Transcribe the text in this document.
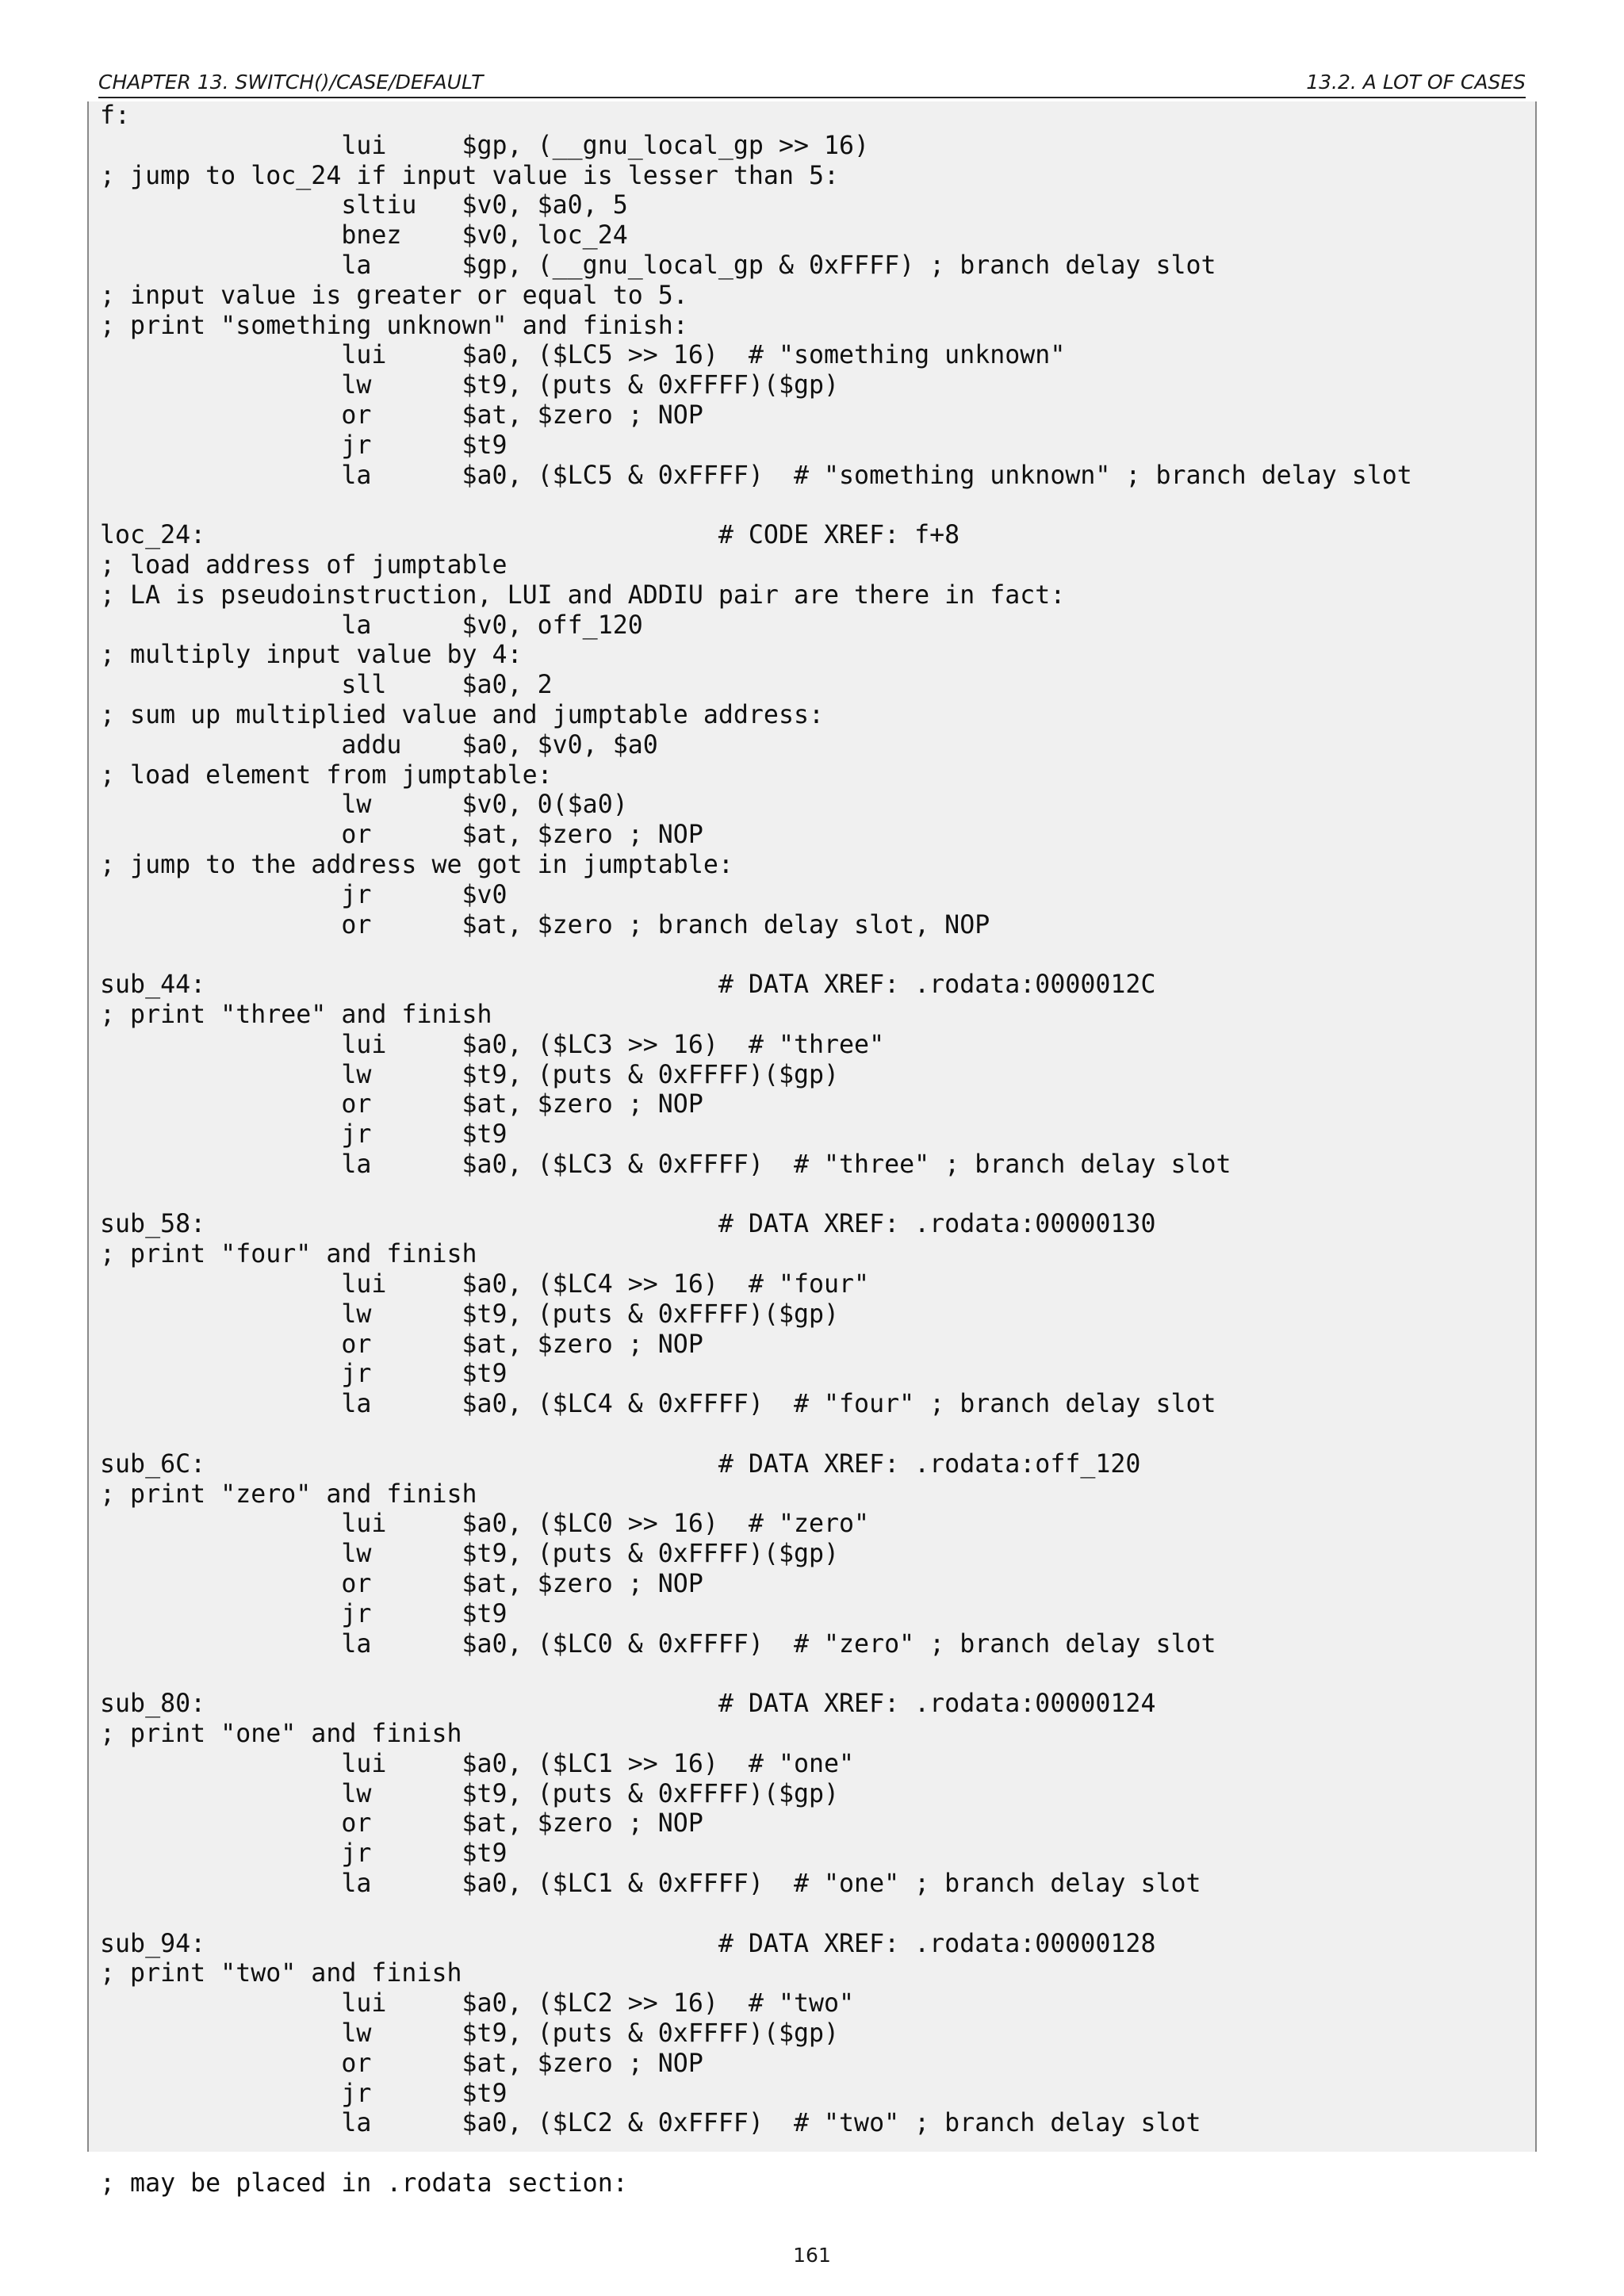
CHAPTER 13. SWITCH()/CASE/DEFAULT	13.2. A LOT OF CASES
f:
lui     $gp, (__gnu_local_gp >> 16)
; jump to loc_24 if input value is lesser than 5:
sltiu   $v0, $a0, 5
bnez    $v0, loc_24
la      $gp, (__gnu_local_gp & 0xFFFF) ; branch delay slot
; input value is greater or equal to 5.
; print "something unknown" and finish:
lui     $a0, ($LC5 >> 16)  # "something unknown"
lw      $t9, (puts & 0xFFFF)($gp)
or      $at, $zero ; NOP
jr      $t9
la      $a0, ($LC5 & 0xFFFF)  # "something unknown" ; branch delay slot

loc_24:                                  # CODE XREF: f+8
; load address of jumptable
; LA is pseudoinstruction, LUI and ADDIU pair are there in fact:
la      $v0, off_120
; multiply input value by 4:
sll     $a0, 2
; sum up multiplied value and jumptable address:
addu    $a0, $v0, $a0
; load element from jumptable:
lw      $v0, 0($a0)
or      $at, $zero ; NOP
; jump to the address we got in jumptable:
jr      $v0
or      $at, $zero ; branch delay slot, NOP

sub_44:                                  # DATA XREF: .rodata:0000012C
; print "three" and finish
lui     $a0, ($LC3 >> 16)  # "three"
lw      $t9, (puts & 0xFFFF)($gp)
or      $at, $zero ; NOP
jr      $t9
la      $a0, ($LC3 & 0xFFFF)  # "three" ; branch delay slot

sub_58:                                  # DATA XREF: .rodata:00000130
; print "four" and finish
lui     $a0, ($LC4 >> 16)  # "four"
lw      $t9, (puts & 0xFFFF)($gp)
or      $at, $zero ; NOP
jr      $t9
la      $a0, ($LC4 & 0xFFFF)  # "four" ; branch delay slot

sub_6C:                                  # DATA XREF: .rodata:off_120
; print "zero" and finish
lui     $a0, ($LC0 >> 16)  # "zero"
lw      $t9, (puts & 0xFFFF)($gp)
or      $at, $zero ; NOP
jr      $t9
la      $a0, ($LC0 & 0xFFFF)  # "zero" ; branch delay slot

sub_80:                                  # DATA XREF: .rodata:00000124
; print "one" and finish
lui     $a0, ($LC1 >> 16)  # "one"
lw      $t9, (puts & 0xFFFF)($gp)
or      $at, $zero ; NOP
jr      $t9
la      $a0, ($LC1 & 0xFFFF)  # "one" ; branch delay slot

sub_94:                                  # DATA XREF: .rodata:00000128
; print "two" and finish
lui     $a0, ($LC2 >> 16)  # "two"
lw      $t9, (puts & 0xFFFF)($gp)
or      $at, $zero ; NOP
jr      $t9
la      $a0, ($LC2 & 0xFFFF)  # "two" ; branch delay slot

; may be placed in .rodata section:
161
